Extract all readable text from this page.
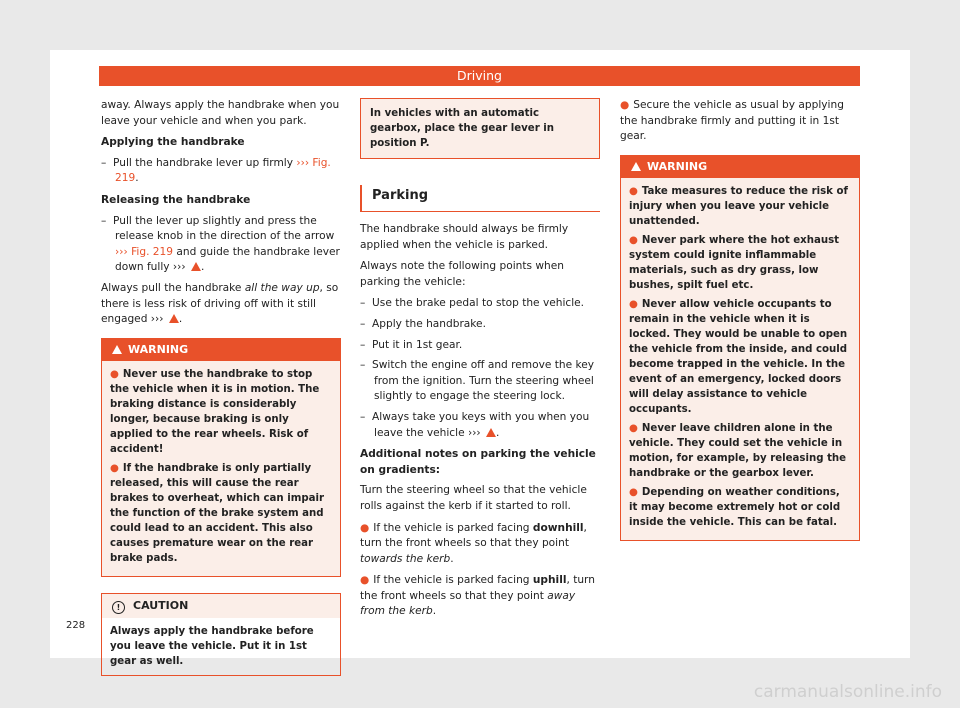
Driving

away. Always apply the handbrake when you leave your vehicle and when you park.

Applying the handbrake

– Pull the handbrake lever up firmly ››› Fig. 219.

Releasing the handbrake

– Pull the lever up slightly and press the release knob in the direction of the arrow ››› Fig. 219 and guide the handbrake lever down fully ››› .

Always pull the handbrake all the way up, so there is less risk of driving off with it still engaged ››› .

WARNING

● Never use the handbrake to stop the vehicle when it is in motion. The braking distance is considerably longer, because braking is only applied to the rear wheels. Risk of accident!

● If the handbrake is only partially released, this will cause the rear brakes to overheat, which can impair the function of the brake system and could lead to an accident. This also causes premature wear on the rear brake pads.

! CAUTION
Always apply the handbrake before you leave the vehicle. Put it in 1st gear as well.
In vehicles with an automatic gearbox, place the gear lever in position P.
Parking

The handbrake should always be firmly applied when the vehicle is parked.

Always note the following points when parking the vehicle:

– Use the brake pedal to stop the vehicle.

– Apply the handbrake.

– Put it in 1st gear.

– Switch the engine off and remove the key from the ignition. Turn the steering wheel slightly to engage the steering lock.

– Always take you keys with you when you leave the vehicle ››› .

Additional notes on parking the vehicle on gradients:

Turn the steering wheel so that the vehicle rolls against the kerb if it started to roll.

● If the vehicle is parked facing downhill, turn the front wheels so that they point towards the kerb.

● If the vehicle is parked facing uphill, turn the front wheels so that they point away from the kerb.

● Secure the vehicle as usual by applying the handbrake firmly and putting it in 1st gear.

WARNING

● Take measures to reduce the risk of injury when you leave your vehicle unattended.

● Never park where the hot exhaust system could ignite inflammable materials, such as dry grass, low bushes, spilt fuel etc.

● Never allow vehicle occupants to remain in the vehicle when it is locked. They would be unable to open the vehicle from the inside, and could become trapped in the vehicle. In the event of an emergency, locked doors will delay assistance to vehicle occupants.

● Never leave children alone in the vehicle. They could set the vehicle in motion, for example, by releasing the handbrake or the gearbox lever.

● Depending on weather conditions, it may become extremely hot or cold inside the vehicle. This can be fatal.

228
carmanualsonline.info
